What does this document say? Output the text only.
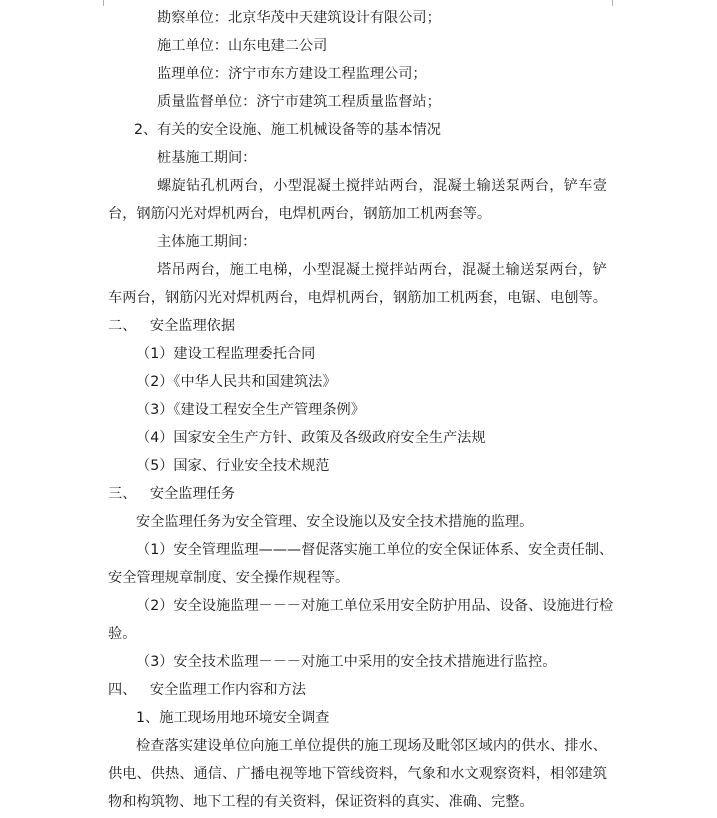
勘察单位：北京华茂中天建筑设计有限公司；
施工单位：山东电建二公司
监理单位：济宁市东方建设工程监理公司；
质量监督单位：济宁市建筑工程质量监督站；
2、有关的安全设施、施工机械设备等的基本情况
桩基施工期间：
螺旋钻孔机两台，小型混凝土搅拌站两台，混凝土输送泵两台，铲车壹
台，钢筋闪光对焊机两台，电焊机两台，钢筋加工机两套等。
主体施工期间：
塔吊两台，施工电梯，小型混凝土搅拌站两台，混凝土输送泵两台，铲
车两台，钢筋闪光对焊机两台，电焊机两台，钢筋加工机两套，电锯、电刨等。
二、   安全监理依据
（1）建设工程监理委托合同
（2）《中华人民共和国建筑法》
（3）《建设工程安全生产管理条例》
（4）国家安全生产方针、政策及各级政府安全生产法规
（5）国家、行业安全技术规范
三、   安全监理任务
安全监理任务为安全管理、安全设施以及安全技术措施的监理。
（1）安全管理监理———督促落实施工单位的安全保证体系、安全责任制、
安全管理规章制度、安全操作规程等。
（2）安全设施监理－－－对施工单位采用安全防护用品、设备、设施进行检
验。
（3）安全技术监理－－－对施工中采用的安全技术措施进行监控。
四、   安全监理工作内容和方法
1、施工现场用地环境安全调查
检查落实建设单位向施工单位提供的施工现场及毗邻区域内的供水、排水、
供电、供热、通信、广播电视等地下管线资料，气象和水文观察资料，相邻建筑
物和构筑物、地下工程的有关资料，保证资料的真实、准确、完整。
